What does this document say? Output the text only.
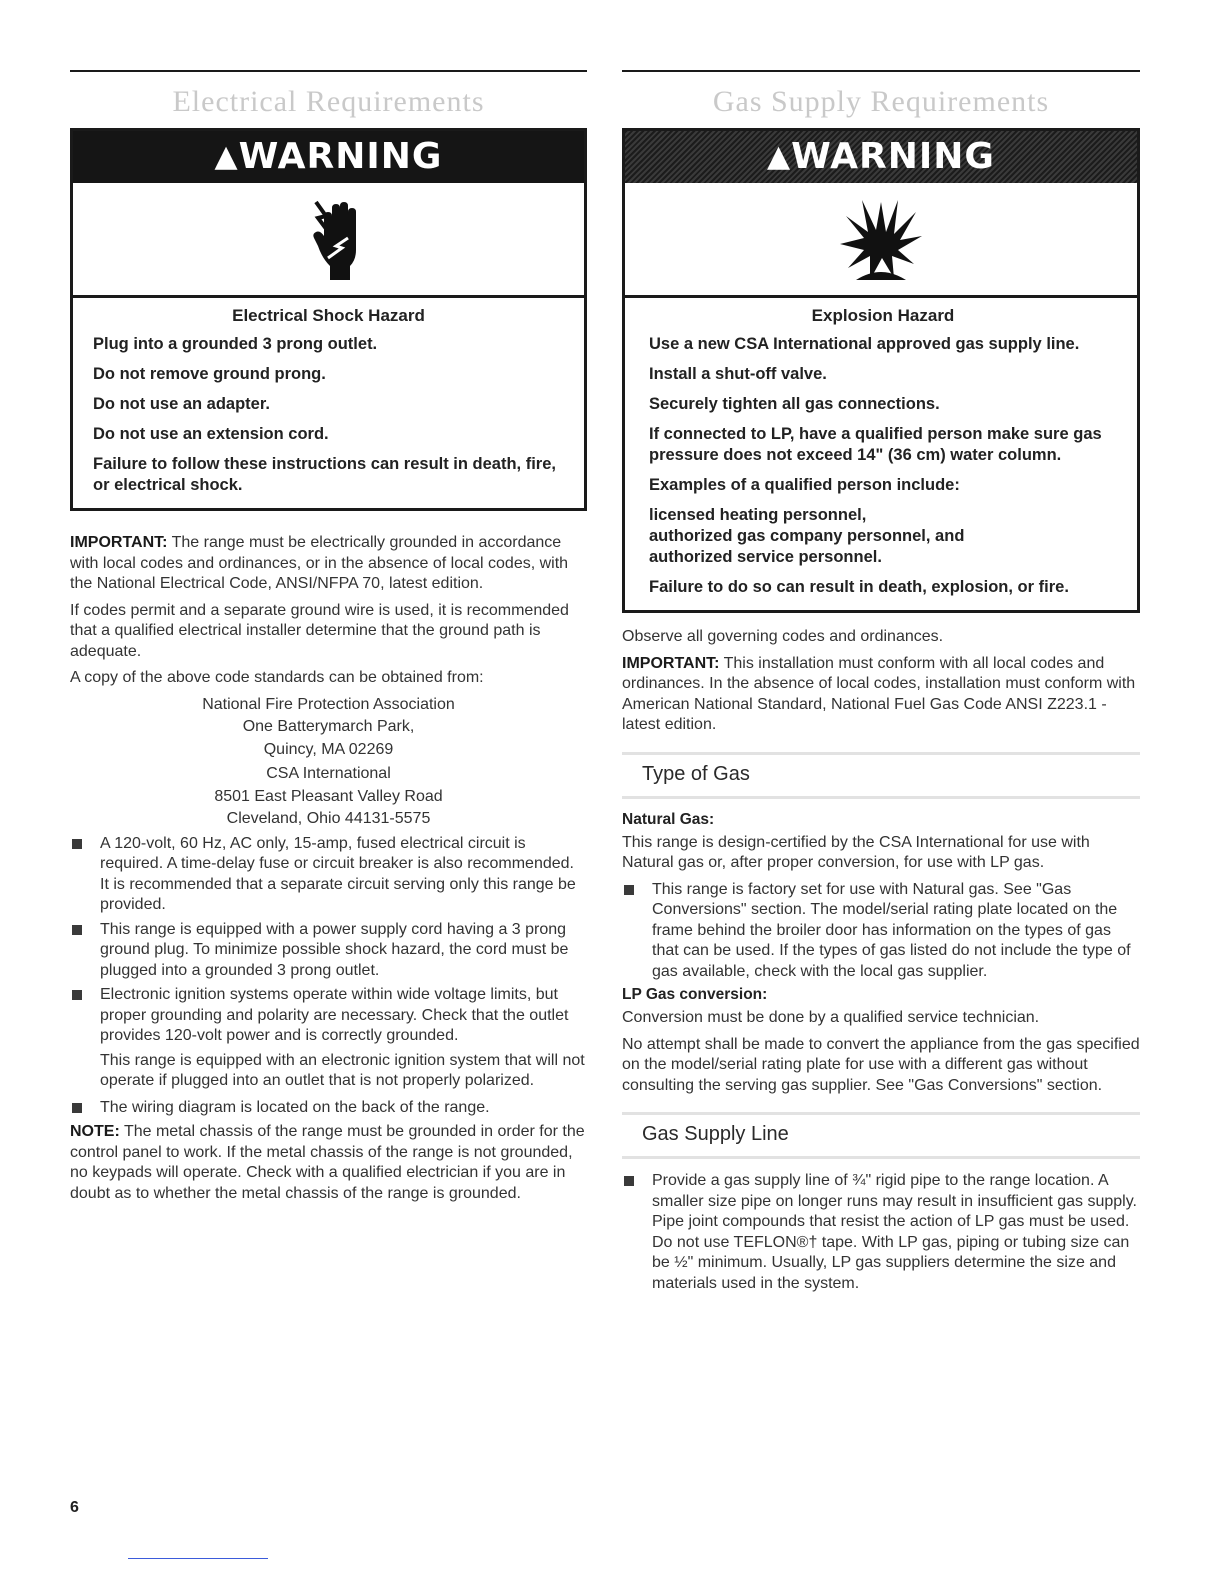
Electrical Requirements
▲WARNING

Electrical Shock Hazard

Plug into a grounded 3 prong outlet.

Do not remove ground prong.

Do not use an adapter.

Do not use an extension cord.

Failure to follow these instructions can result in death, fire, or electrical shock.

IMPORTANT: The range must be electrically grounded in accordance with local codes and ordinances, or in the absence of local codes, with the National Electrical Code, ANSI/NFPA 70, latest edition.

If codes permit and a separate ground wire is used, it is recommended that a qualified electrical installer determine that the ground path is adequate.

A copy of the above code standards can be obtained from:

National Fire Protection Association

One Batterymarch Park,

Quincy, MA 02269

CSA International

8501 East Pleasant Valley Road

Cleveland, Ohio 44131-5575

A 120-volt, 60 Hz, AC only, 15-amp, fused electrical circuit is required. A time-delay fuse or circuit breaker is also recommended. It is recommended that a separate circuit serving only this range be provided.

This range is equipped with a power supply cord having a 3 prong ground plug. To minimize possible shock hazard, the cord must be plugged into a grounded 3 prong outlet.

Electronic ignition systems operate within wide voltage limits, but proper grounding and polarity are necessary. Check that the outlet provides 120-volt power and is correctly grounded.

This range is equipped with an electronic ignition system that will not operate if plugged into an outlet that is not properly polarized.

The wiring diagram is located on the back of the range.

NOTE: The metal chassis of the range must be grounded in order for the control panel to work. If the metal chassis of the range is not grounded, no keypads will operate. Check with a qualified electrician if you are in doubt as to whether the metal chassis of the range is grounded.

Gas Supply Requirements
▲WARNING

Explosion Hazard

Use a new CSA International approved gas supply line.

Install a shut-off valve.

Securely tighten all gas connections.

If connected to LP, have a qualified person make sure gas pressure does not exceed 14" (36 cm) water column.

Examples of a qualified person include:

licensed heating personnel,

authorized gas company personnel, and

authorized service personnel.

Failure to do so can result in death, explosion, or fire.

Observe all governing codes and ordinances.

IMPORTANT: This installation must conform with all local codes and ordinances. In the absence of local codes, installation must conform with American National Standard, National Fuel Gas Code ANSI Z223.1 - latest edition.

Type of Gas

Natural Gas:

This range is design-certified by the CSA International for use with Natural gas or, after proper conversion, for use with LP gas.

This range is factory set for use with Natural gas. See "Gas Conversions" section. The model/serial rating plate located on the frame behind the broiler door has information on the types of gas that can be used. If the types of gas listed do not include the type of gas available, check with the local gas supplier.

LP Gas conversion:

Conversion must be done by a qualified service technician.

No attempt shall be made to convert the appliance from the gas specified on the model/serial rating plate for use with a different gas without consulting the serving gas supplier. See "Gas Conversions" section.

Gas Supply Line

Provide a gas supply line of ¾" rigid pipe to the range location. A smaller size pipe on longer runs may result in insufficient gas supply. Pipe joint compounds that resist the action of LP gas must be used. Do not use TEFLON®† tape. With LP gas, piping or tubing size can be ½" minimum. Usually, LP gas suppliers determine the size and materials used in the system.

6
